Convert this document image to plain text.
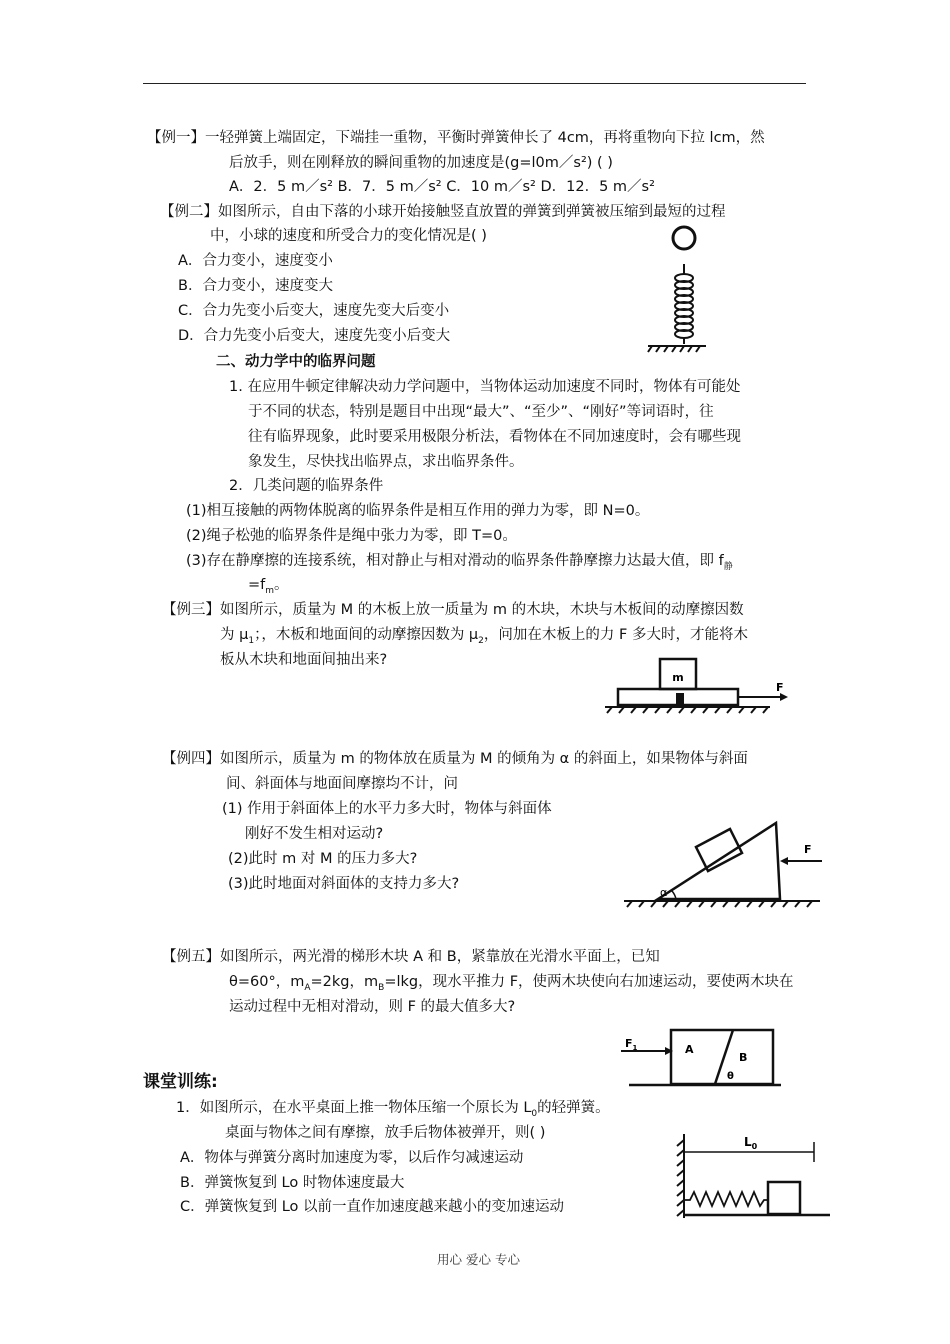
【例一】一轻弹簧上端固定，下端挂一重物，平衡时弹簧伸长了 4cm，再将重物向下拉 lcm，然
后放手，则在刚释放的瞬间重物的加速度是(g=l0m／s²) ( )
A．2．5 m／s² B．7．5 m／s² C．10 m／s² D．12．5 m／s²
【例二】如图所示，自由下落的小球开始接触竖直放置的弹簧到弹簧被压缩到最短的过程
中，小球的速度和所受合力的变化情况是( )
A．合力变小，速度变小
B．合力变小，速度变大
C．合力先变小后变大，速度先变大后变小
D．合力先变小后变大，速度先变小后变大
二、动力学中的临界问题
1. 在应用牛顿定律解决动力学问题中，当物体运动加速度不同时，物体有可能处
于不同的状态，特别是题目中出现“最大”、“至少”、“刚好”等词语时，往
往有临界现象，此时要采用极限分析法，看物体在不同加速度时，会有哪些现
象发生，尽快找出临界点，求出临界条件。
2．几类问题的临界条件
(1)相互接触的两物体脱离的临界条件是相互作用的弹力为零，即 N=0。
(2)绳子松弛的临界条件是绳中张力为零，即 T=0。
(3)存在静摩擦的连接系统，相对静止与相对滑动的临界条件静摩擦力达最大值，即 $f_静$
$=f_m$。
【例三】如图所示，质量为 M 的木板上放一质量为 m 的木块，木块与木板间的动摩擦因数
为 $\mu_1$；，木板和地面间的动摩擦因数为 $\mu_2$，问加在木板上的力 F 多大时，才能将木
板从木块和地面间抽出来?
m
F
【例四】如图所示，质量为 m 的物体放在质量为 M 的倾角为 α 的斜面上，如果物体与斜面
间、斜面体与地面间摩擦均不计，问
(1) 作用于斜面体上的水平力多大时，物体与斜面体
刚好不发生相对运动?
(2)此时 m 对 M 的压力多大?
(3)此时地面对斜面体的支持力多大?
α
F
【例五】如图所示，两光滑的梯形木块 A 和 B，紧靠放在光滑水平面上，已知
θ=60°，$m_A=2kg$，$m_B=lkg$，现水平推力 F，使两木块使向右加速运动，要使两木块在
运动过程中无相对滑动，则 F 的最大值多大?
A
B
θ
$F_1$
课堂训练:
1．如图所示，在水平桌面上推一物体压缩一个原长为 $L_0$的轻弹簧。
桌面与物体之间有摩擦，放手后物体被弹开，则( )
A．物体与弹簧分离时加速度为零，以后作匀减速运动
B．弹簧恢复到 Lo 时物体速度最大
C．弹簧恢复到 Lo 以前一直作加速度越来越小的变加速运动
$L_0$
用心 爱心 专心
